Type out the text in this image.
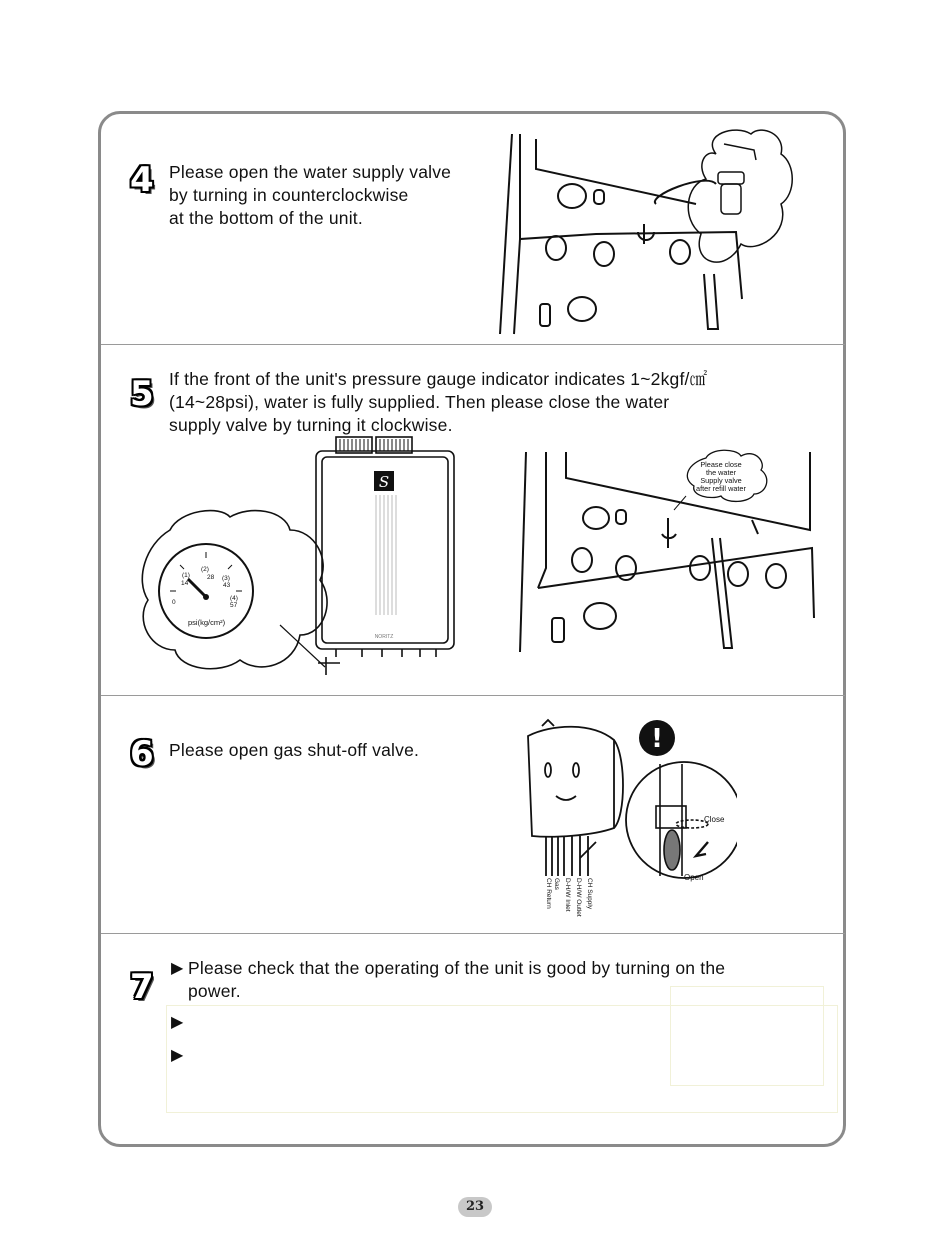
4 Please open the water supply valve
by turning in counterclockwise
at the bottom of the unit.
5 If the front of the unit's pressure gauge indicator indicates 1~2kgf/㎠
(14~28psi), water is fully supplied. Then please close the water
supply valve by turning it clockwise.
0
(1)
14
(2)
28 (3)
43
(4)
57
psi(kg/cm²)
S
NORITZ
Please close
the water
Supply valve
after refill water
6 Please open gas shut-off valve.
CH Return Gas D-H/W Inlet D-H/W Outlet CH Supply
!
Close
Open
7 ▶ Please check that the operating of the unit is good by turning on the
power.
▶
▶
23
